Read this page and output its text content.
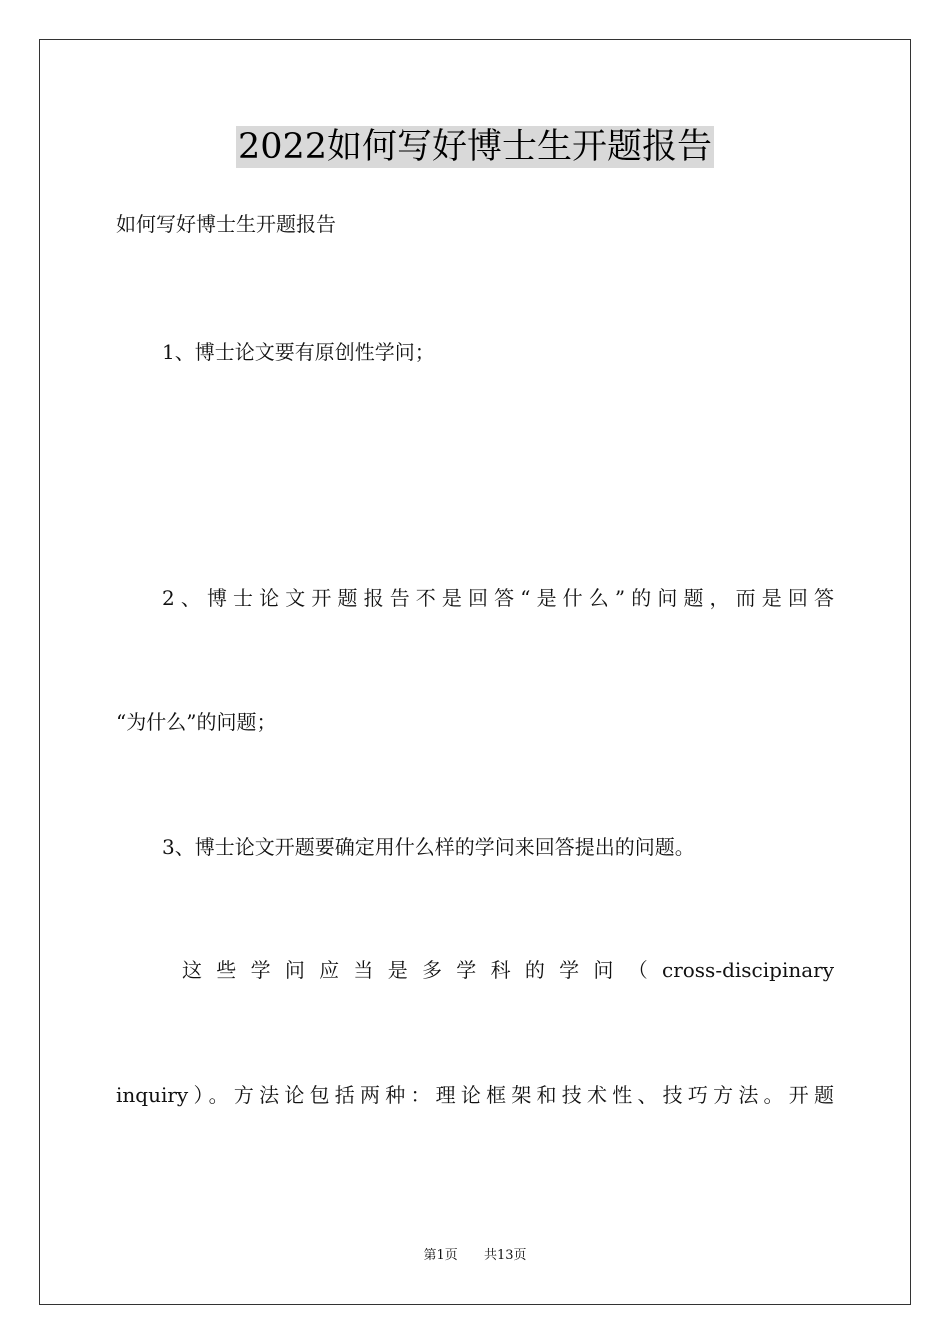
2022如何写好博士生开题报告
如何写好博士生开题报告
1、博士论文要有原创性学问；
2、博士论文开题报告不是回答“是什么”的问题，而是回答
“为什么”的问题；
3、博士论文开题要确定用什么样的学问来回答提出的问题。
这 些 学 问 应 当 是 多 学 科 的 学 问 （ cross-discipinary
inquiry）。方法论包括两种：理论框架和技术性、技巧方法。开题
第1页 共13页
